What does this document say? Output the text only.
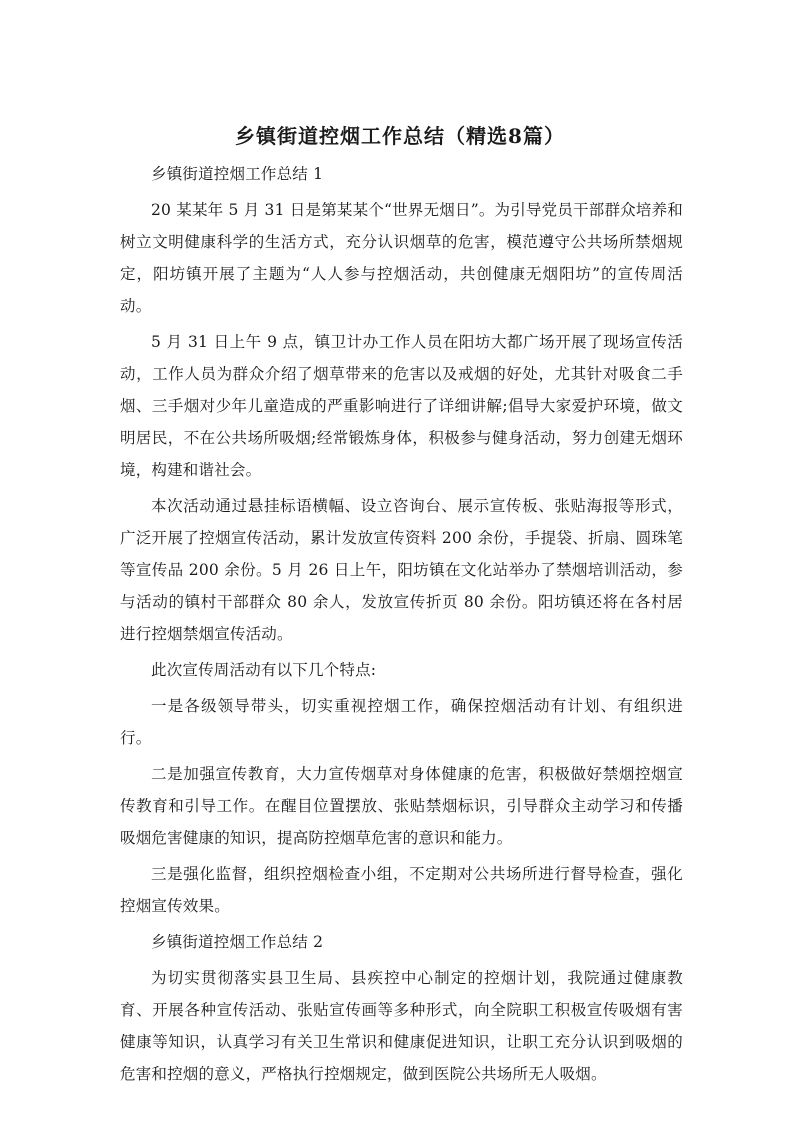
乡镇街道控烟工作总结（精选8篇）

乡镇街道控烟工作总结 1

20 某某年 5 月 31 日是第某某个“世界无烟日”。为引导党员干部群众培养和树立文明健康科学的生活方式，充分认识烟草的危害，模范遵守公共场所禁烟规定，阳坊镇开展了主题为“人人参与控烟活动，共创健康无烟阳坊”的宣传周活动。

5 月 31 日上午 9 点，镇卫计办工作人员在阳坊大都广场开展了现场宣传活动，工作人员为群众介绍了烟草带来的危害以及戒烟的好处，尤其针对吸食二手烟、三手烟对少年儿童造成的严重影响进行了详细讲解;倡导大家爱护环境，做文明居民，不在公共场所吸烟;经常锻炼身体，积极参与健身活动，努力创建无烟环境，构建和谐社会。

本次活动通过悬挂标语横幅、设立咨询台、展示宣传板、张贴海报等形式，广泛开展了控烟宣传活动，累计发放宣传资料 200 余份，手提袋、折扇、圆珠笔等宣传品 200 余份。5 月 26 日上午，阳坊镇在文化站举办了禁烟培训活动，参与活动的镇村干部群众 80 余人，发放宣传折页 80 余份。阳坊镇还将在各村居进行控烟禁烟宣传活动。

此次宣传周活动有以下几个特点:

一是各级领导带头，切实重视控烟工作，确保控烟活动有计划、有组织进行。

二是加强宣传教育，大力宣传烟草对身体健康的危害，积极做好禁烟控烟宣传教育和引导工作。在醒目位置摆放、张贴禁烟标识，引导群众主动学习和传播吸烟危害健康的知识，提高防控烟草危害的意识和能力。

三是强化监督，组织控烟检查小组，不定期对公共场所进行督导检查，强化控烟宣传效果。

乡镇街道控烟工作总结 2

为切实贯彻落实县卫生局、县疾控中心制定的控烟计划，我院通过健康教育、开展各种宣传活动、张贴宣传画等多种形式，向全院职工积极宣传吸烟有害健康等知识，认真学习有关卫生常识和健康促进知识，让职工充分认识到吸烟的危害和控烟的意义，严格执行控烟规定，做到医院公共场所无人吸烟。
